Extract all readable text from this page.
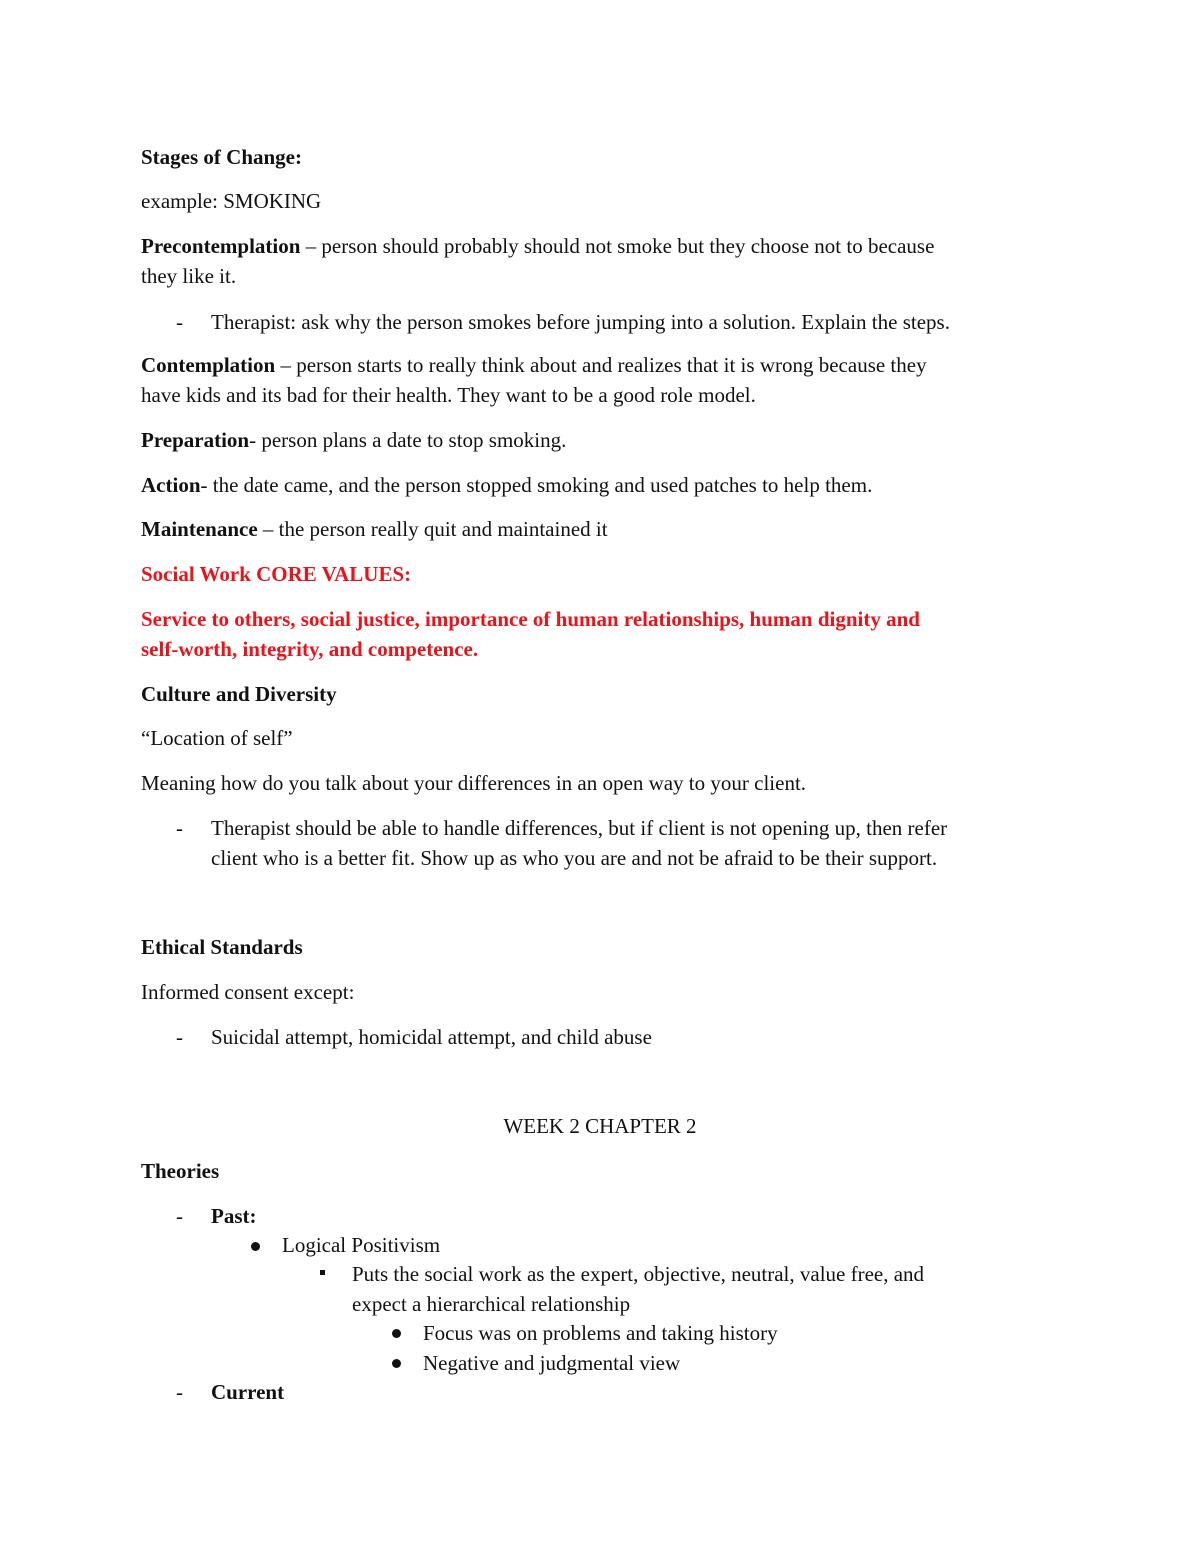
Stages of Change:

example: SMOKING

Precontemplation – person should probably should not smoke but they choose not to because

they like it.

- Therapist: ask why the person smokes before jumping into a solution. Explain the steps.

Contemplation – person starts to really think about and realizes that it is wrong because they

have kids and its bad for their health. They want to be a good role model.

Preparation- person plans a date to stop smoking.

Action- the date came, and the person stopped smoking and used patches to help them.

Maintenance – the person really quit and maintained it

Social Work CORE VALUES:

Service to others, social justice, importance of human relationships, human dignity and

self-worth, integrity, and competence.

Culture and Diversity

“Location of self”

Meaning how do you talk about your differences in an open way to your client.

- Therapist should be able to handle differences, but if client is not opening up, then refer

client who is a better fit. Show up as who you are and not be afraid to be their support.

Ethical Standards

Informed consent except:

- Suicidal attempt, homicidal attempt, and child abuse

WEEK 2 CHAPTER 2

Theories

- Past:

Logical Positivism

Puts the social work as the expert, objective, neutral, value free, and

expect a hierarchical relationship

Focus was on problems and taking history

Negative and judgmental view

- Current
